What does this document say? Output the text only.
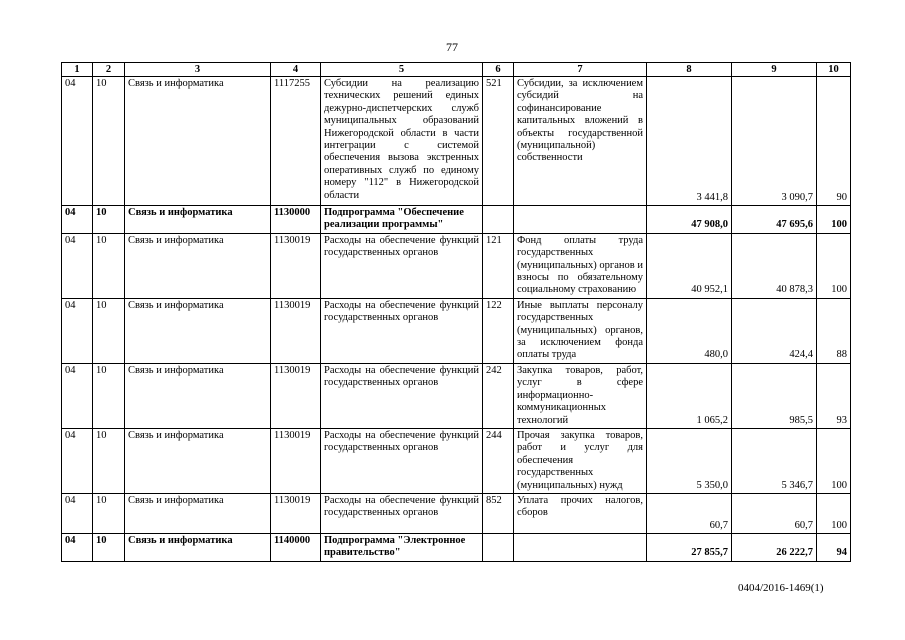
77
1	2	3	4	5	6	7	8	9	10
04	10	Связь и информатика	1117255	Субсидии на реализацию технических решений единых дежурно-диспетчерских служб муниципальных образований Нижегородской области в части интеграции с системой обеспечения вызова экстренных оперативных служб по единому номеру "112" в Нижегородской области	521	Субсидии, за исключением субсидий на софинансирование капитальных вложений в объекты государственной (муниципальной) собственности	3 441,8	3 090,7	90
04	10	Связь и информатика	1130000	Подпрограмма "Обеспечение реализации программы"			47 908,0	47 695,6	100
04	10	Связь и информатика	1130019	Расходы на обеспечение функций государственных органов	121	Фонд оплаты труда государственных (муниципальных) органов и взносы по обязательному социальному страхованию	40 952,1	40 878,3	100
04	10	Связь и информатика	1130019	Расходы на обеспечение функций государственных органов	122	Иные выплаты персоналу государственных (муниципальных) органов, за исключением фонда оплаты труда	480,0	424,4	88
04	10	Связь и информатика	1130019	Расходы на обеспечение функций государственных органов	242	Закупка товаров, работ, услуг в сфере информационно-коммуникационных технологий	1 065,2	985,5	93
04	10	Связь и информатика	1130019	Расходы на обеспечение функций государственных органов	244	Прочая закупка товаров, работ и услуг для обеспечения государственных (муниципальных) нужд	5 350,0	5 346,7	100
04	10	Связь и информатика	1130019	Расходы на обеспечение функций государственных органов	852	Уплата прочих налогов, сборов	60,7	60,7	100
04	10	Связь и информатика	1140000	Подпрограмма "Электронное правительство"			27 855,7	26 222,7	94
0404/2016-1469(1)
